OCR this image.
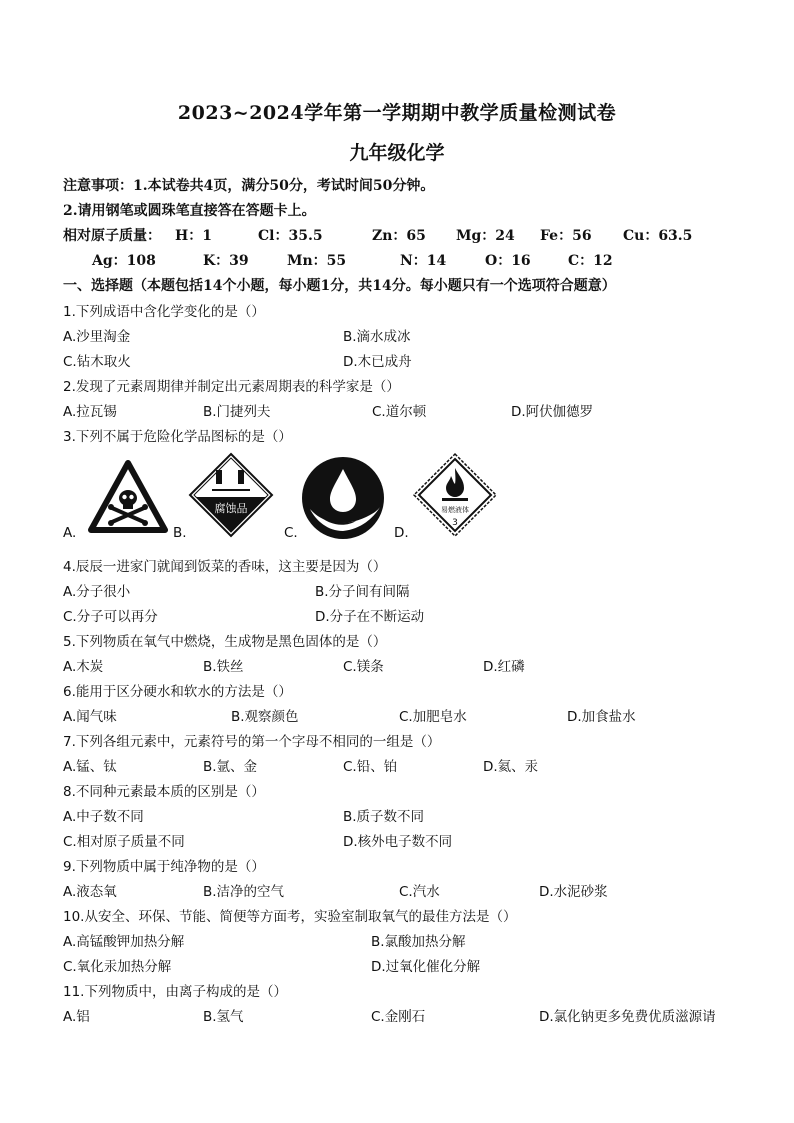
2023~2024学年第一学期期中教学质量检测试卷
九年级化学
注意事项：1.本试卷共4页，满分50分，考试时间50分钟。
2.请用钢笔或圆珠笔直接答在答题卡上。
相对原子质量： H：1	Cl：35.5	Zn：65 Mg：24 Fe：56 Cu：63.5
Ag：108	K：39	Mn：55	N：14	O：16	C：12
一、选择题（本题包括14个小题，每小题1分，共14分。每小题只有一个选项符合题意）
1.下列成语中含化学变化的是（）
A.沙里淘金	B.滴水成冰
C.钻木取火	D.木已成舟
2.发现了元素周期律并制定出元素周期表的科学家是（）
A.拉瓦锡	B.门捷列夫	C.道尔顿	D.阿伏伽德罗
3.下列不属于危险化学品图标的是（）
A.
腐蚀品
B.	C.
易燃液体
3
D.
4.辰辰一进家门就闻到饭菜的香味，这主要是因为（）
A.分子很小	B.分子间有间隔
C.分子可以再分	D.分子在不断运动
5.下列物质在氧气中燃烧，生成物是黑色固体的是（）
A.木炭	B.铁丝	C.镁条	D.红磷
6.能用于区分硬水和软水的方法是（）
A.闻气味	B.观察颜色	C.加肥皂水	D.加食盐水
7.下列各组元素中，元素符号的第一个字母不相同的一组是（）
A.锰、钛	B.氩、金	C.铅、铂	D.氦、汞
8.不同种元素最本质的区别是（）
A.中子数不同	B.质子数不同
C.相对原子质量不同	D.核外电子数不同
9.下列物质中属于纯净物的是（）
A.液态氧	B.洁净的空气	C.汽水	D.水泥砂浆
10.从安全、环保、节能、简便等方面考，实验室制取氧气的最佳方法是（）
A.高锰酸钾加热分解	B.氯酸加热分解
C.氧化汞加热分解	D.过氧化催化分解
11.下列物质中，由离子构成的是（）
A.铝	B.氢气	C.金刚石	D.氯化钠更多免费优质滋源请
